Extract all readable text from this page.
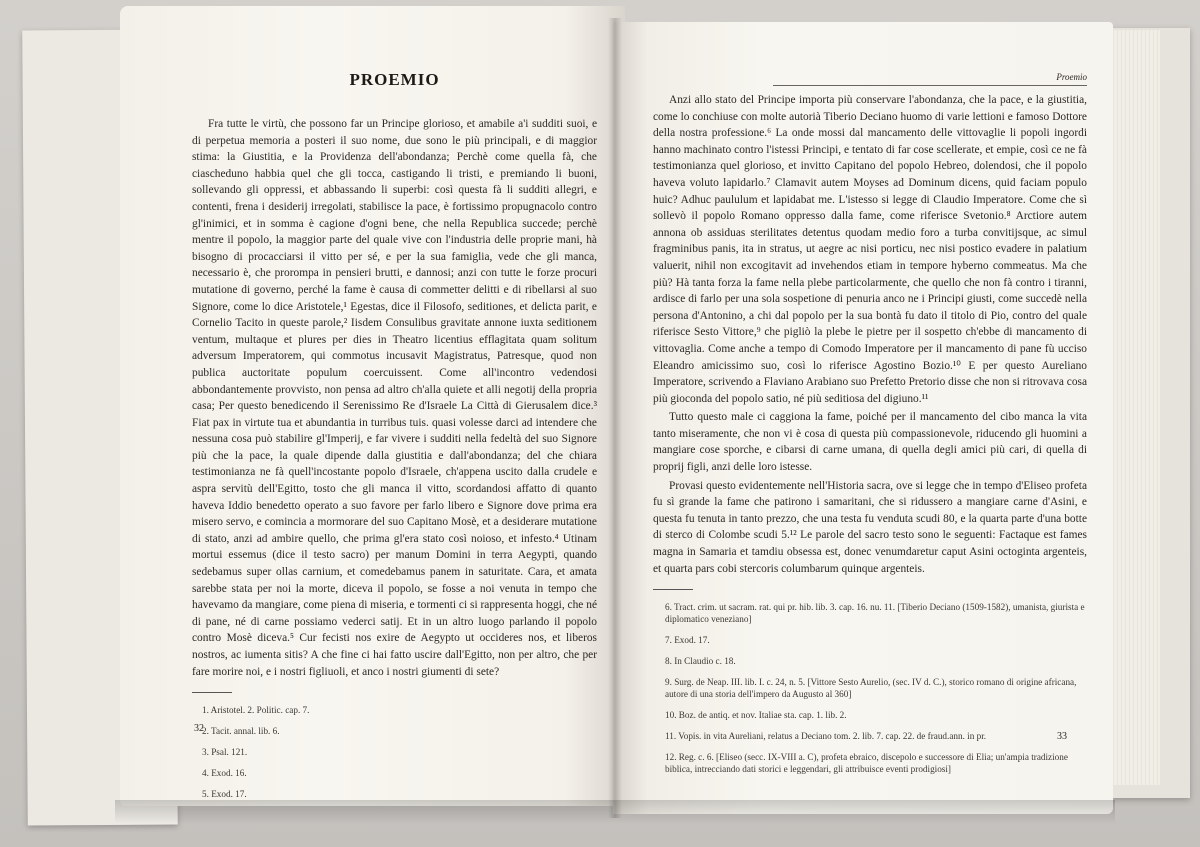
PROEMIO

Fra tutte le virtù, che possono far un Principe glorioso, et amabile a'i sudditi suoi, e di perpetua memoria a posteri il suo nome, due sono le più principali, e di maggior stima: la Giustitia, e la Providenza dell'abondanza; Perchè come quella fà, che ciascheduno habbia quel che gli tocca, castigando li tristi, e premiando li buoni, sollevando gli oppressi, et abbassando li superbi: così questa fà li sudditi allegri, e contenti, frena i desiderij irregolati, stabilisce la pace, è fortissimo propugnacolo contro gl'inimici, et in somma è cagione d'ogni bene, che nella Republica succede; perchè mentre il popolo, la maggior parte del quale vive con l'industria delle proprie mani, hà bisogno di procacciarsi il vitto per sé, e per la sua famiglia, vede che gli manca, necessario è, che prorompa in pensieri brutti, e dannosi; anzi con tutte le forze procuri mutatione di governo, perché la fame è causa di commetter delitti e di ribellarsi al suo Signore, come lo dice Aristotele,¹ Egestas, dice il Filosofo, seditiones, et delicta parit, e Cornelio Tacito in queste parole,² Iisdem Consulibus gravitate annone iuxta seditionem ventum, multaque et plures per dies in Theatro licentius efflagitata quam solitum adversum Imperatorem, qui commotus incusavit Magistratus, Patresque, quod non publica auctoritate populum coercuissent. Come all'incontro vedendosi abbondantemente provvisto, non pensa ad altro ch'alla quiete et alli negotij della propria casa; Per questo benedicendo il Serenissimo Re d'Israele La Città di Gierusalem dice.³ Fiat pax in virtute tua et abundantia in turribus tuis. quasi volesse darci ad intendere che nessuna cosa può stabilire gl'Imperij, e far vivere i sudditi nella fedeltà del suo Signore più che la pace, la quale dipende dalla giustitia e dall'abondanza; del che chiara testimonianza ne fà quell'incostante popolo d'Israele, ch'appena uscito dalla crudele e aspra servitù dell'Egitto, tosto che gli manca il vitto, scordandosi affatto di quanto haveva Iddio benedetto operato a suo favore per farlo libero e Signore dove prima era misero servo, e comincia a mormorare del suo Capitano Mosè, et a desiderare mutatione di stato, anzi ad ambire quello, che prima gl'era stato così noioso, et infesto.⁴ Utinam mortui essemus (dice il testo sacro) per manum Domini in terra Aegypti, quando sedebamus super ollas carnium, et comedebamus panem in saturitate. Cara, et amata sarebbe stata per noi la morte, diceva il popolo, se fosse a noi venuta in tempo che havevamo da mangiare, come piena di miseria, e tormenti ci si rappresenta hoggi, che né di pane, né di carne possiamo vederci satij. Et in un altro luogo parlando il popolo contro Mosè diceva.⁵ Cur fecisti nos exire de Aegypto ut occideres nos, et liberos nostros, ac iumenta sitis? A che fine ci hai fatto uscire dall'Egitto, non per altro, che per fare morire noi, e i nostri figliuoli, et anco i nostri giumenti di sete?

1. Aristotel. 2. Politic. cap. 7.
2. Tacit. annal. lib. 6.
3. Psal. 121.
4. Exod. 16.
5. Exod. 17.
32
Proemio

Anzi allo stato del Principe importa più conservare l'abondanza, che la pace, e la giustitia, come lo conchiuse con molte autorià Tiberio Deciano huomo di varie lettioni e famoso Dottore della nostra professione.⁶ La onde mossi dal mancamento delle vittovaglie li popoli ingordi hanno machinato contro l'istessi Principi, e tentato di far cose scellerate, et empie, così ce ne fà testimonianza quel glorioso, et invitto Capitano del popolo Hebreo, dolendosi, che il popolo haveva voluto lapidarlo.⁷ Clamavit autem Moyses ad Dominum dicens, quid faciam populo huic? Adhuc paululum et lapidabat me. L'istesso si legge di Claudio Imperatore. Come che sì sollevò il popolo Romano oppresso dalla fame, come riferisce Svetonio.⁸ Arctiore autem annona ob assiduas sterilitates detentus quodam medio foro a turba convitijsque, ac simul fragminibus panis, ita in stratus, ut aegre ac nisi porticu, nec nisi postico evadere in palatium valuerit, nihil non excogitavit ad invehendos etiam in tempore hyberno commeatus. Ma che più? Hà tanta forza la fame nella plebe particolarmente, che quello che non fà contro i tiranni, ardisce di farlo per una sola sospetione di penuria anco ne i Principi giusti, come succedè nella persona d'Antonino, a chi dal popolo per la sua bontà fu dato il titolo di Pio, contro del quale riferisce Sesto Vittore,⁹ che pigliò la plebe le pietre per il sospetto ch'ebbe di mancamento di vittovaglia. Come anche a tempo di Comodo Imperatore per il mancamento di pane fù ucciso Eleandro amicissimo suo, così lo riferisce Agostino Bozio.¹⁰ E per questo Aureliano Imperatore, scrivendo a Flaviano Arabiano suo Prefetto Pretorio disse che non si ritrovava cosa più gioconda del popolo satio, né più seditiosa del digiuno.¹¹

Tutto questo male ci caggiona la fame, poiché per il mancamento del cibo manca la vita tanto miseramente, che non vi è cosa di questa più compassionevole, riducendo gli huomini a mangiare cose sporche, e cibarsi di carne umana, di quella degli amici più cari, di quella di proprij figli, anzi delle loro istesse.

Provasi questo evidentemente nell'Historia sacra, ove si legge che in tempo d'Eliseo profeta fu sì grande la fame che patirono i samaritani, che si ridussero a mangiare carne d'Asini, e questa fu tenuta in tanto prezzo, che una testa fu venduta scudi 80, e la quarta parte d'una botte di sterco di Colombe scudi 5.¹² Le parole del sacro testo sono le seguenti: Factaque est fames magna in Samaria et tamdiu obsessa est, donec venumdaretur caput Asini octoginta argenteis, et quarta pars cobi stercoris columbarum quinque argenteis.

6. Tract. crim. ut sacram. rat. qui pr. hib. lib. 3. cap. 16. nu. 11. [Tiberio Deciano (1509-1582), umanista, giurista e diplomatico veneziano]
7. Exod. 17.
8. In Claudio c. 18.
9. Surg. de Neap. III. lib. I. c. 24, n. 5. [Vittore Sesto Aurelio, (sec. IV d. C.), storico romano di origine africana, autore di una storia dell'impero da Augusto al 360]
10. Boz. de antiq. et nov. Italiae sta. cap. 1. lib. 2.
11. Vopis. in vita Aureliani, relatus a Deciano tom. 2. lib. 7. cap. 22. de fraud.ann. in pr.
12. Reg. c. 6. [Eliseo (secc. IX-VIII a. C), profeta ebraico, discepolo e successore di Elia; un'ampia tradizione biblica, intrecciando dati storici e leggendari, gli attribuisce eventi prodigiosi]
33
